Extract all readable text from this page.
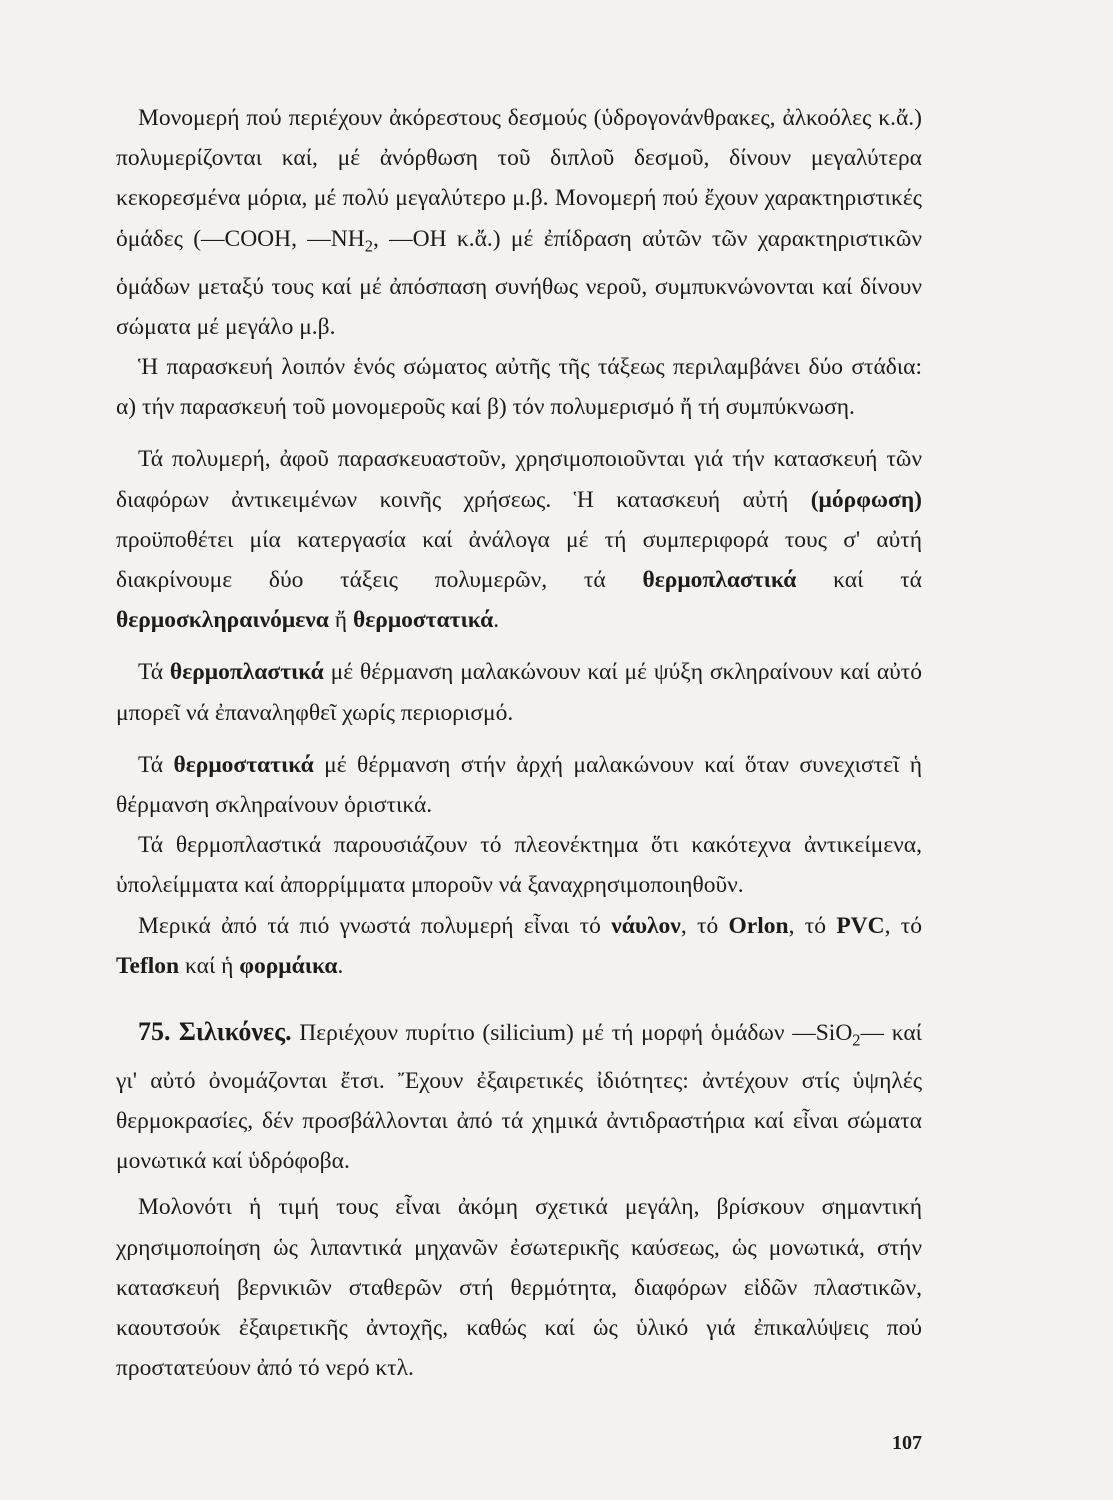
Μονομερή πού περιέχουν ἀκόρεστους δεσμούς (ὑδρογονάνθρακες, ἀλκοόλες κ.ἄ.) πολυμερίζονται καί, μέ ἀνόρθωση τοῦ διπλοῦ δεσμοῦ, δίνουν μεγαλύτερα κεκορεσμένα μόρια, μέ πολύ μεγαλύτερο μ.β. Μονομερή πού ἔχουν χαρακτηριστικές ὁμάδες (—COOH, $—NH_2$, —OH κ.ἄ.) μέ ἐπίδραση αὐτῶν τῶν χαρακτηριστικῶν ὁμάδων μεταξύ τους καί μέ ἀπόσπαση συνήθως νεροῦ, συμπυκνώνονται καί δίνουν σώματα μέ μεγάλο μ.β.

Ἡ παρασκευή λοιπόν ἑνός σώματος αὐτῆς τῆς τάξεως περιλαμβάνει δύο στάδια: α) τήν παρασκευή τοῦ μονομεροῦς καί β) τόν πολυμερισμό ἤ τή συμπύκνωση.

Τά πολυμερή, ἀφοῦ παρασκευαστοῦν, χρησιμοποιοῦνται γιά τήν κατασκευή τῶν διαφόρων ἀντικειμένων κοινῆς χρήσεως. Ἡ κατασκευή αὐτή (μόρφωση) προϋποθέτει μία κατεργασία καί ἀνάλογα μέ τή συμπεριφορά τους σ' αὐτή διακρίνουμε δύο τάξεις πολυμερῶν, τά θερμοπλαστικά καί τά θερμοσκληραινόμενα ἤ θερμοστατικά.

Τά θερμοπλαστικά μέ θέρμανση μαλακώνουν καί μέ ψύξη σκληραίνουν καί αὐτό μπορεῖ νά ἐπαναληφθεῖ χωρίς περιορισμό.

Τά θερμοστατικά μέ θέρμανση στήν ἀρχή μαλακώνουν καί ὅταν συνεχιστεῖ ἡ θέρμανση σκληραίνουν ὁριστικά.

Τά θερμοπλαστικά παρουσιάζουν τό πλεονέκτημα ὅτι κακότεχνα ἀντικείμενα, ὑπολείμματα καί ἀπορρίμματα μποροῦν νά ξαναχρησιμοποιηθοῦν.

Μερικά ἀπό τά πιό γνωστά πολυμερή εἶναι τό νάυλον, τό Orlon, τό PVC, τό Teflon καί ἡ φορμάικα.

75. Σιλικόνες. Περιέχουν πυρίτιο (silicium) μέ τή μορφή ὁμάδων —SiO$_2$— καί γι' αὐτό ὀνομάζονται ἔτσι. Ἔχουν ἐξαιρετικές ἰδιότητες: ἀντέχουν στίς ὑψηλές θερμοκρασίες, δέν προσβάλλονται ἀπό τά χημικά ἀντιδραστήρια καί εἶναι σώματα μονωτικά καί ὑδρόφοβα.

Μολονότι ἡ τιμή τους εἶναι ἀκόμη σχετικά μεγάλη, βρίσκουν σημαντική χρησιμοποίηση ὡς λιπαντικά μηχανῶν ἐσωτερικῆς καύσεως, ὡς μονωτικά, στήν κατασκευή βερνικιῶν σταθερῶν στή θερμότητα, διαφόρων εἰδῶν πλαστικῶν, καουτσούκ ἐξαιρετικῆς ἀντοχῆς, καθώς καί ὡς ὑλικό γιά ἐπικαλύψεις πού προστατεύουν ἀπό τό νερό κτλ.

107
